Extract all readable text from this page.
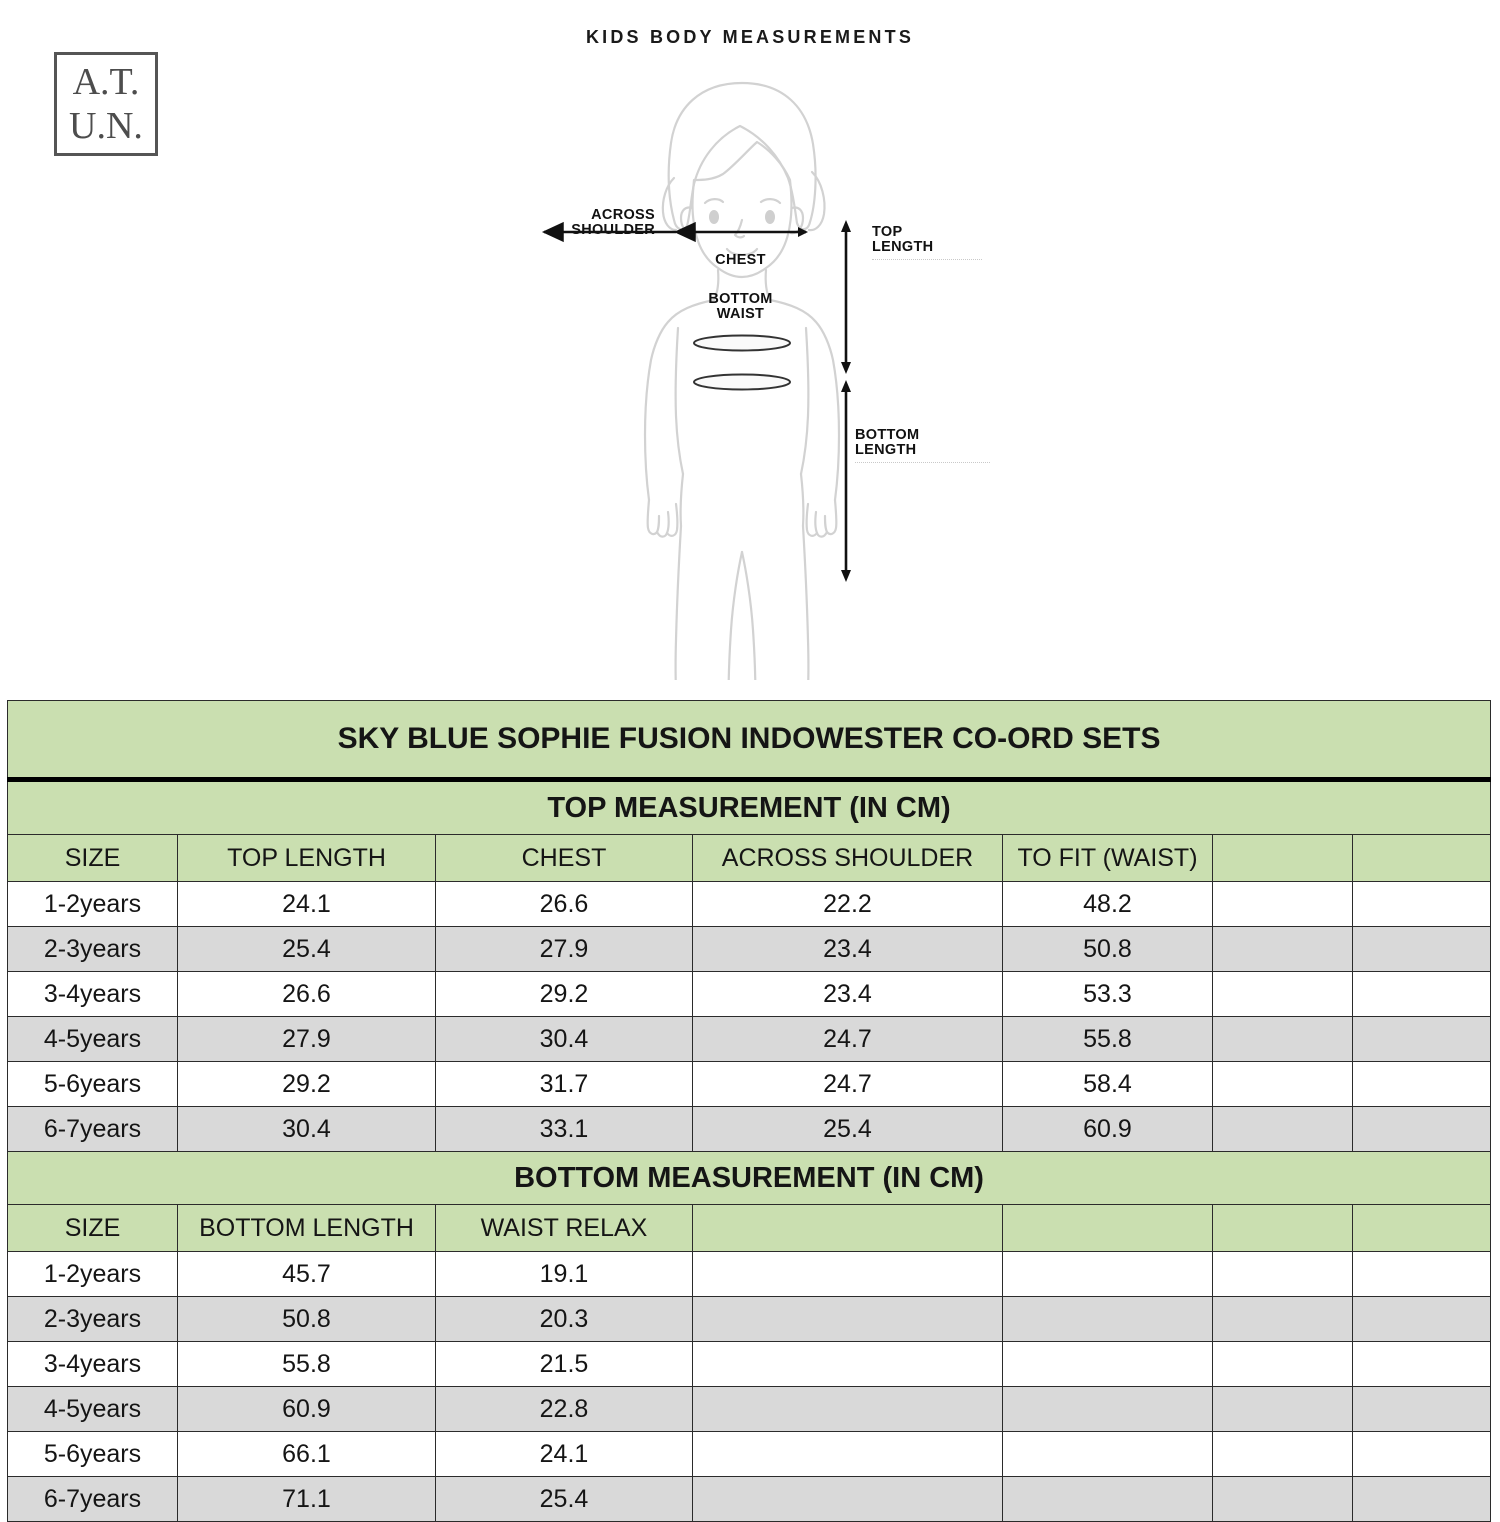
A.T.
U.N.
KIDS BODY MEASUREMENTS
ACROSS
SHOULDER	TOP
LENGTH
CHEST
BOTTOM
WAIST
BOTTOM
LENGTH
SKY BLUE SOPHIE FUSION INDOWESTER CO-ORD SETS						
TOP MEASUREMENT (IN CM)						
SIZE	TOP LENGTH	CHEST	ACROSS SHOULDER	TO FIT (WAIST)		
1-2years	24.1	26.6	22.2	48.2		
2-3years	25.4	27.9	23.4	50.8		
3-4years	26.6	29.2	23.4	53.3		
4-5years	27.9	30.4	24.7	55.8		
5-6years	29.2	31.7	24.7	58.4		
6-7years	30.4	33.1	25.4	60.9		
BOTTOM MEASUREMENT (IN CM)						
SIZE	BOTTOM LENGTH	WAIST RELAX				
1-2years	45.7	19.1				
2-3years	50.8	20.3				
3-4years	55.8	21.5				
4-5years	60.9	22.8				
5-6years	66.1	24.1				
6-7years	71.1	25.4				
